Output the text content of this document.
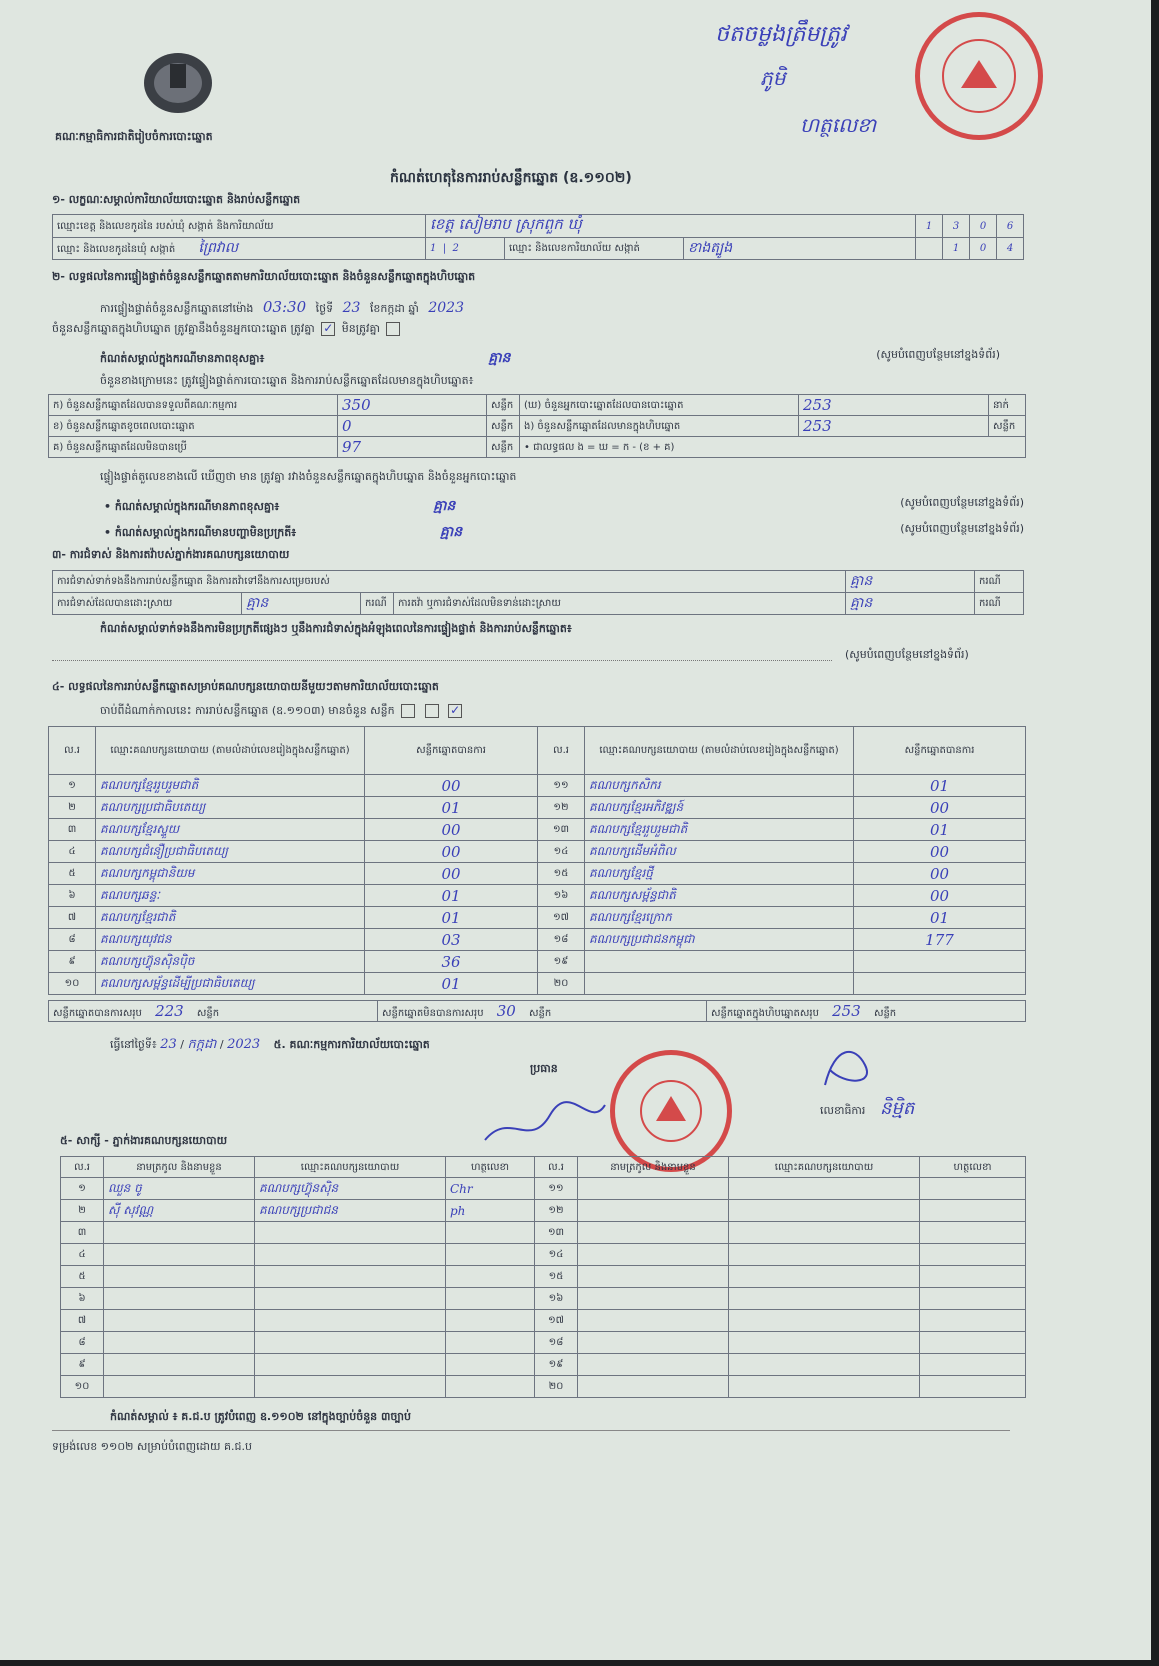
គណៈកម្មាធិការជាតិរៀបចំការបោះឆ្នោត
ថតចម្លងត្រឹមត្រូវ
ភូមិ
ហត្ថលេខា
កំណត់ហេតុនៃការរាប់សន្លឹកឆ្នោត (ឧ.១១០២)
១- លក្ខណៈសម្គាល់ការិយាល័យបោះឆ្នោត និងរាប់សន្លឹកឆ្នោត
ឈ្មោះខេត្ត និងលេខកូដនៃ របស់ឃុំ សង្កាត់ និងការិយាល័យ	ខេត្ត សៀមរាប ស្រុកពួក ឃុំ			1	3	0	6
ឈ្មោះ និងលេខកូដនៃឃុំ សង្កាត់ ព្រៃវាល	1  |  2	ឈ្មោះ និងលេខការិយាល័យ សង្កាត់	ខាងត្បូង		1	0	4
២- លទ្ធផលនៃការផ្ទៀងផ្ទាត់ចំនួនសន្លឹកឆ្នោតតាមការិយាល័យបោះឆ្នោត និងចំនួនសន្លឹកឆ្នោតក្នុងហិបឆ្នោត
ការផ្ទៀងផ្ទាត់ចំនួនសន្លឹកឆ្នោតនៅម៉ោង 03:30 ថ្ងៃទី 23 ខែកក្កដា ឆ្នាំ 2023
ចំនួនសន្លឹកឆ្នោតក្នុងហិបឆ្នោត ត្រូវគ្នានឹងចំនួនអ្នកបោះឆ្នោត ត្រូវគ្នា ✓ មិនត្រូវគ្នា
កំណត់សម្គាល់ក្នុងករណីមានភាពខុសគ្នា៖	គ្មាន	(សូមបំពេញបន្ថែមនៅខ្នងទំព័រ)
ចំនួនខាងក្រោមនេះ ត្រូវផ្ទៀងផ្ទាត់ការបោះឆ្នោត និងការរាប់សន្លឹកឆ្នោតដែលមានក្នុងហិបឆ្នោត៖
ក) ចំនួនសន្លឹកឆ្នោតដែលបានទទួលពីគណៈកម្មការ	350	សន្លឹក	(ឃ) ចំនួនអ្នកបោះឆ្នោតដែលបានបោះឆ្នោត	253	នាក់
ខ) ចំនួនសន្លឹកឆ្នោតខូចពេលបោះឆ្នោត	0	សន្លឹក	ង) ចំនួនសន្លឹកឆ្នោតដែលមានក្នុងហិបឆ្នោត	253	សន្លឹក
គ) ចំនួនសន្លឹកឆ្នោតដែលមិនបានប្រើ	97	សន្លឹក	• ជាលទ្ធផល ង = ឃ = ក - (ខ + គ)		
ផ្ទៀងផ្ទាត់តួលេខខាងលើ ឃើញថា មាន ត្រូវគ្នា រវាងចំនួនសន្លឹកឆ្នោតក្នុងហិបឆ្នោត និងចំនួនអ្នកបោះឆ្នោត
• កំណត់សម្គាល់ក្នុងករណីមានភាពខុសគ្នា៖	គ្មាន	(សូមបំពេញបន្ថែមនៅខ្នងទំព័រ)
• កំណត់សម្គាល់ក្នុងករណីមានបញ្ហាមិនប្រក្រតី៖	គ្មាន	(សូមបំពេញបន្ថែមនៅខ្នងទំព័រ)
៣- ការជំទាស់ និងការតវ៉ាបស់ភ្នាក់ងារគណបក្សនយោបាយ
ការជំទាស់ទាក់ទងនឹងការរាប់សន្លឹកឆ្នោត និងការតវ៉ាទៅនឹងការសម្រេចរបស់				គ្មាន	ករណី
ការជំទាស់ដែលបានដោះស្រាយ	គ្មាន	ករណី	ការតវ៉ា ឬការជំទាស់ដែលមិនទាន់ដោះស្រាយ	គ្មាន	ករណី
កំណត់សម្គាល់ទាក់ទងនឹងការមិនប្រក្រតីផ្សេងៗ ឬនឹងការជំទាស់ក្នុងអំឡុងពេលនៃការផ្ទៀងផ្ទាត់ និងការរាប់សន្លឹកឆ្នោត៖
(សូមបំពេញបន្ថែមនៅខ្នងទំព័រ)
៤- លទ្ធផលនៃការរាប់សន្លឹកឆ្នោតសម្រាប់គណបក្សនយោបាយនីមួយៗតាមការិយាល័យបោះឆ្នោត
ចាប់ពីដំណាក់កាលនេះ ការរាប់សន្លឹកឆ្នោត (ឧ.១១០៣) មានចំនួន សន្លឹក	✓
ល.រ	ឈ្មោះគណបក្សនយោបាយ (តាមលំដាប់លេខរៀងក្នុងសន្លឹកឆ្នោត)	សន្លឹកឆ្នោតបានការ	ល.រ	ឈ្មោះគណបក្សនយោបាយ (តាមលំដាប់លេខរៀងក្នុងសន្លឹកឆ្នោត)	សន្លឹកឆ្នោតបានការ
១	គណបក្សខ្មែររួបរួមជាតិ	00	១១	គណបក្សកសិករ	01
២	គណបក្សប្រជាធិបតេយ្យ	01	១២	គណបក្សខ្មែរអភិវឌ្ឍន៍	00
៣	គណបក្សខ្មែរស្ទួយ	00	១៣	គណបក្សខ្មែររួបរួមជាតិ	01
៤	គណបក្សជំនឿប្រជាធិបតេយ្យ	00	១៤	គណបក្សដើមអំពិល	00
៥	គណបក្សកម្ពុជានិយម	00	១៥	គណបក្សខ្មែរថ្មី	00
៦	គណបក្សឆន្ទៈ	01	១៦	គណបក្សសម្ព័ន្ធជាតិ	00
៧	គណបក្សខ្មែរជាតិ	01	១៧	គណបក្សខ្មែរក្រោក	01
៨	គណបក្សយុវជន	03	១៨	គណបក្សប្រជាជនកម្ពុជា	177
៩	គណបក្សហ៊្វុនស៊ិនប៉ិច	36	១៩		
១០	គណបក្សសម្ព័ន្ធដើម្បីប្រជាធិបតេយ្យ	01	២០		
សន្លឹកឆ្នោតបានការសរុប 223 សន្លឹក	សន្លឹកឆ្នោតមិនបានការសរុប 30 សន្លឹក	សន្លឹកឆ្នោតក្នុងហិបឆ្នោតសរុប 253 សន្លឹក
ធ្វើនៅថ្ងៃទី៖ 23 / កក្កដា / 2023 ៥. គណៈកម្មការការិយាល័យបោះឆ្នោត
ប្រធាន
លេខាធិការ និម្មិត
៥- សាក្សី - ភ្នាក់ងារគណបក្សនយោបាយ
ល.រ	នាមត្រកូល និងនាមខ្លួន	ឈ្មោះគណបក្សនយោបាយ	ហត្ថលេខា	ល.រ	នាមត្រកូល និងនាមខ្លួន	ឈ្មោះគណបក្សនយោបាយ	ហត្ថលេខា
១	ឈួន ចូ	គណបក្សហ៊្វុនស៊ិន	Chr	១១			
២	ស៊ី សុវណ្ណ	គណបក្សប្រជាជន	ph	១២			
៣				១៣			
៤				១៤			
៥				១៥			
៦				១៦			
៧				១៧			
៨				១៨			
៩				១៩			
១០				២០			
កំណត់សម្គាល់ ៖ គ.ជ.ប ត្រូវបំពេញ ឧ.១១០២ នៅក្នុងច្បាប់ចំនួន ៣ច្បាប់
ទម្រង់លេខ ១១០២ សម្រាប់បំពេញដោយ គ.ជ.ប
